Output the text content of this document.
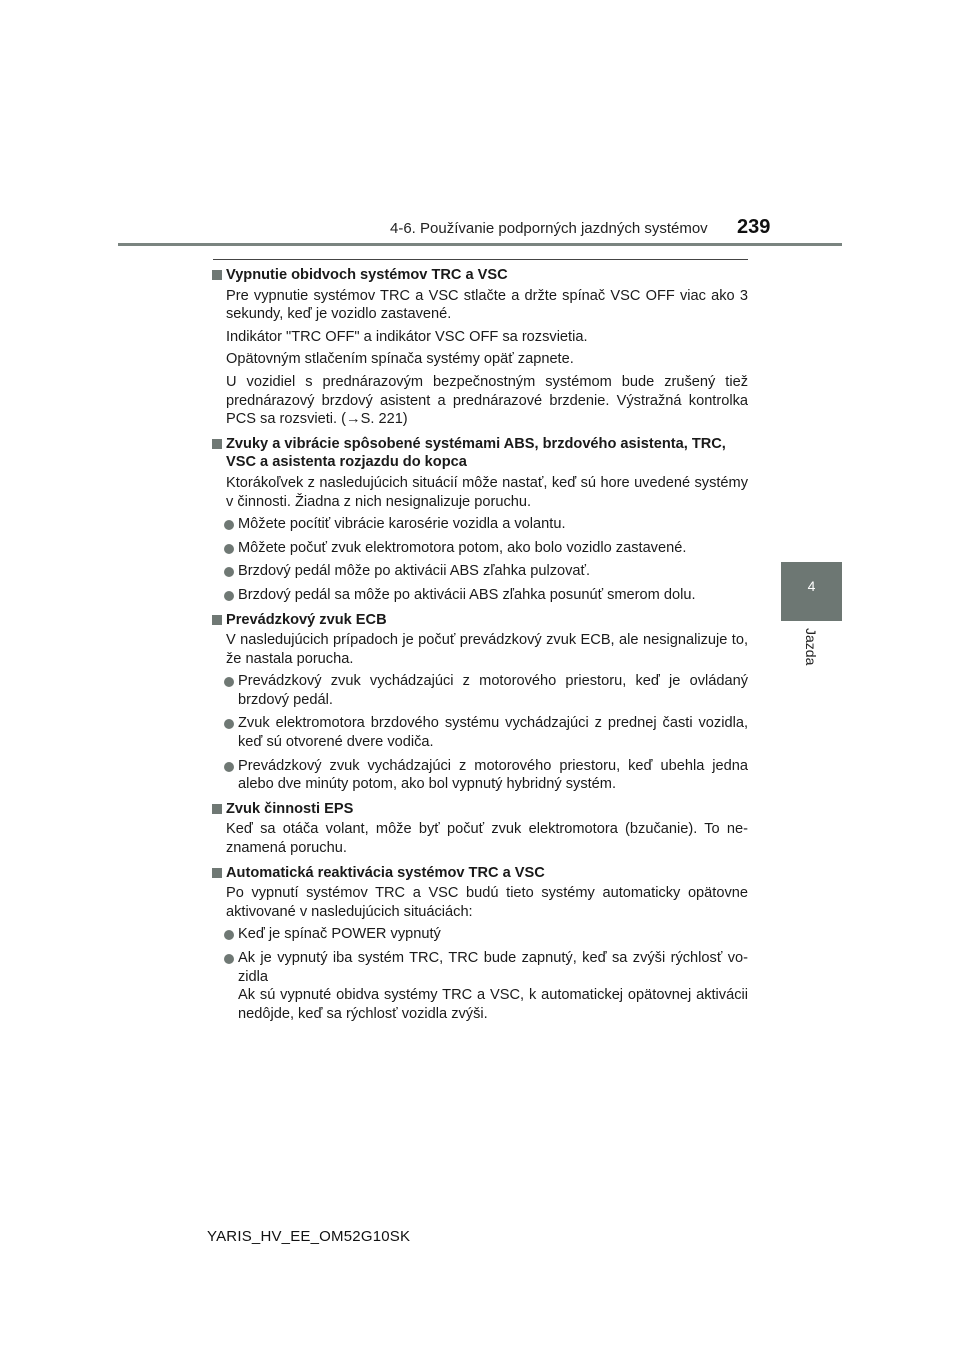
4-6. Používanie podporných jazdných systémov 239
4
Jazda
Vypnutie obidvoch systémov TRC a VSC
Pre vypnutie systémov TRC a VSC stlačte a držte spínač VSC OFF viac ako 3 sekundy, keď je vozidlo zastavené.
Indikátor "TRC OFF" a indikátor VSC OFF sa rozsvietia.
Opätovným stlačením spínača systémy opäť zapnete.
U vozidiel s prednárazovým bezpečnostným systémom bude zrušený tiež prednárazový brzdový asistent a prednárazové brzdenie. Výstražná kontrolka PCS sa rozsvieti. (→S. 221)
Zvuky a vibrácie spôsobené systémami ABS, brzdového asistenta, TRC, VSC a asistenta rozjazdu do kopca
Ktorákoľvek z nasledujúcich situácií môže nastať, keď sú hore uvedené systémy v činnosti. Žiadna z nich nesignalizuje poruchu.
Môžete pocítiť vibrácie karosérie vozidla a volantu.
Môžete počuť zvuk elektromotora potom, ako bolo vozidlo zastavené.
Brzdový pedál môže po aktivácii ABS zľahka pulzovať.
Brzdový pedál sa môže po aktivácii ABS zľahka posunúť smerom dolu.
Prevádzkový zvuk ECB
V nasledujúcich prípadoch je počuť prevádzkový zvuk ECB, ale nesignalizuje to, že nastala porucha.
Prevádzkový zvuk vychádzajúci z motorového priestoru, keď je ovládaný brzdový pedál.
Zvuk elektromotora brzdového systému vychádzajúci z prednej časti vozidla, keď sú otvorené dvere vodiča.
Prevádzkový zvuk vychádzajúci z motorového priestoru, keď ubehla jedna alebo dve minúty potom, ako bol vypnutý hybridný systém.
Zvuk činnosti EPS
Keď sa otáča volant, môže byť počuť zvuk elektromotora (bzučanie). To neznamená poruchu.
Automatická reaktivácia systémov TRC a VSC
Po vypnutí systémov TRC a VSC budú tieto systémy automaticky opätovne aktivované v nasledujúcich situáciách:
Keď je spínač POWER vypnutý
Ak je vypnutý iba systém TRC, TRC bude zapnutý, keď sa zvýši rýchlosť vozidla
Ak sú vypnuté obidva systémy TRC a VSC, k automatickej opätovnej aktivácii nedôjde, keď sa rýchlosť vozidla zvýši.
YARIS_HV_EE_OM52G10SK
